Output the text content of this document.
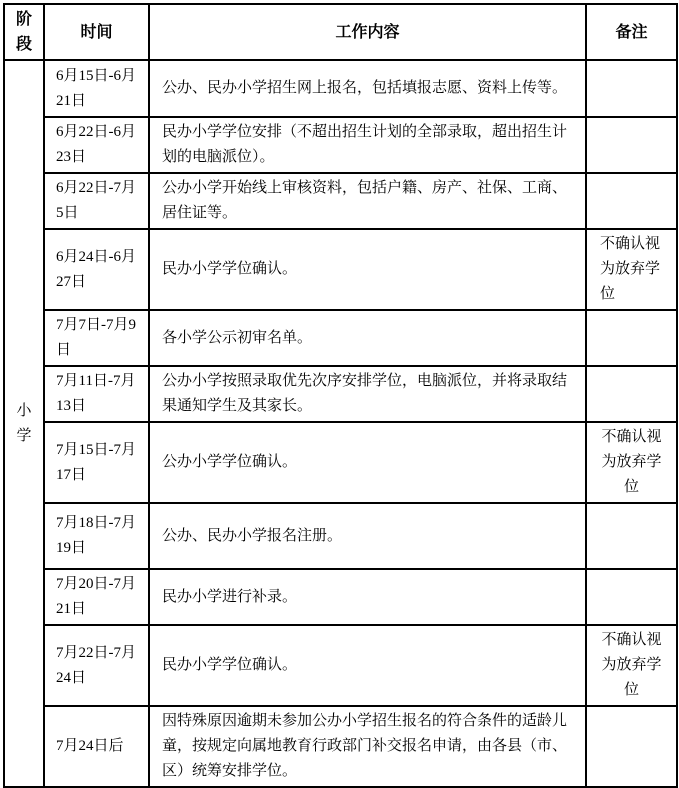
阶段	时间	工作内容	备注
小学	6月15日-6月21日	公办、民办小学招生网上报名，包括填报志愿、资料上传等。	
	6月22日-6月23日	民办小学学位安排（不超出招生计划的全部录取，超出招生计划的电脑派位）。	
	6月22日-7月5日	公办小学开始线上审核资料，包括户籍、房产、社保、工商、居住证等。	
	6月24日-6月27日	民办小学学位确认。	不确认视为放弃学位
	7月7日-7月9日	各小学公示初审名单。	
	7月11日-7月13日	公办小学按照录取优先次序安排学位，电脑派位，并将录取结果通知学生及其家长。	
	7月15日-7月17日	公办小学学位确认。	不确认视为放弃学位
	7月18日-7月19日	公办、民办小学报名注册。	
	7月20日-7月21日	民办小学进行补录。	
	7月22日-7月24日	民办小学学位确认。	不确认视为放弃学位
	7月24日后	因特殊原因逾期未参加公办小学招生报名的符合条件的适龄儿童，按规定向属地教育行政部门补交报名申请，由各县（市、区）统筹安排学位。	
